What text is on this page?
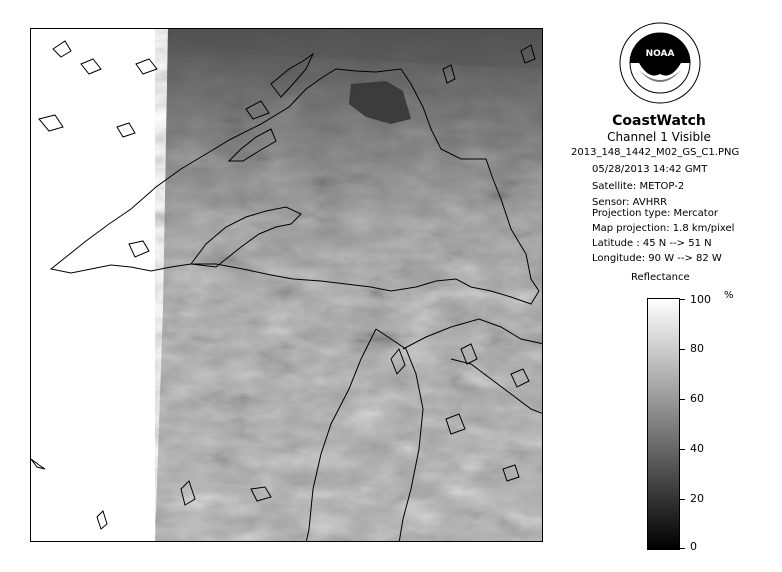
NOAA
CoastWatch
Channel 1 Visible
2013_148_1442_M02_GS_C1.PNG
05/28/2013 14:42 GMT
Satellite: METOP-2
Sensor: AVHRR
Projection type: Mercator
Map projection: 1.8 km/pixel
Latitude : 45 N --> 51 N
Longitude: 90 W --> 82 W
Reflectance
%
100
80
60
40
20
0
